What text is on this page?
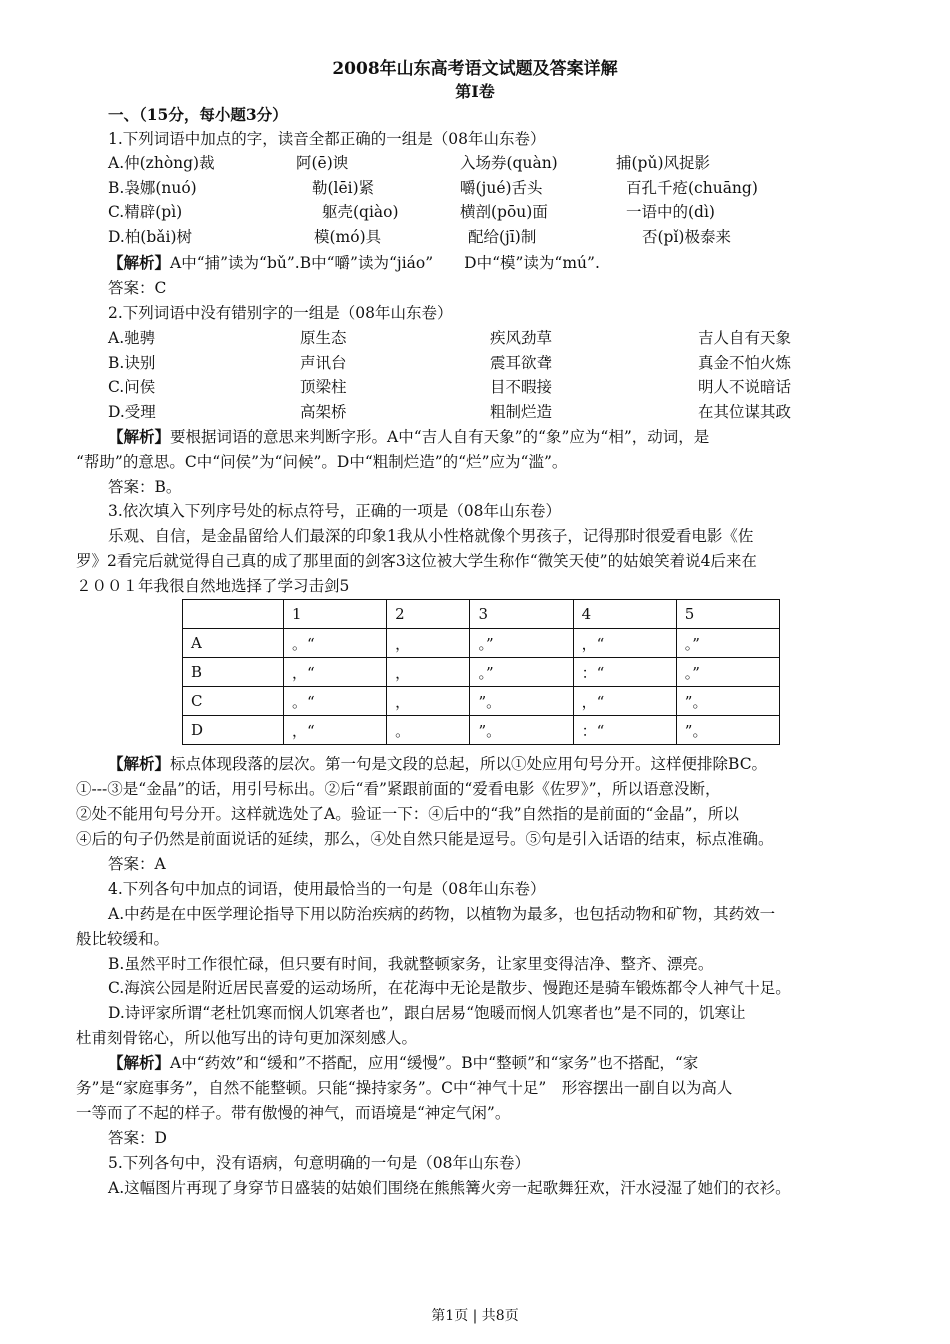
2008年山东高考语文试题及答案详解
第Ⅰ卷
一、（15分，每小题3分）
1.下列词语中加点的字，读音全都正确的一组是（08年山东卷）
A.仲(zhòng)裁	阿(ē)谀	入场券(quàn)	捕(pǔ)风捉影
B.袅娜(nuó)	勒(lēi)紧	嚼(jué)舌头	百孔千疮(chuāng)
C.精辟(pì)	躯壳(qiào)	横剖(pōu)面	一语中的(dì)
D.柏(bǎi)树	模(mó)具	配给(jī)制	否(pǐ)极泰来
【解析】A中“捕”读为“bǔ”.B中“嚼”读为“jiáo”　　D中“模”读为“mú”.
答案：C
2.下列词语中没有错别字的一组是（08年山东卷）
A.驰骋	原生态	疾风劲草	吉人自有天象
B.诀别	声讯台	震耳欲聋	真金不怕火炼
C.问侯	顶梁柱	目不暇接	明人不说暗话
D.受理	高架桥	粗制烂造	在其位谋其政
【解析】要根据词语的意思来判断字形。A中“吉人自有天象”的“象”应为“相”，动词，是
“帮助”的意思。C中“问侯”为“问候”。D中“粗制烂造”的“烂”应为“滥”。
答案：B。
3.依次填入下列序号处的标点符号，正确的一项是（08年山东卷）
乐观、自信，是金晶留给人们最深的印象1我从小性格就像个男孩子，记得那时很爱看电影《佐
罗》2看完后就觉得自己真的成了那里面的剑客3这位被大学生称作“微笑天使”的姑娘笑着说4后来在
２００１年我很自然地选择了学习击剑5
	1	2	3	4	5
A	。“	，	。”	，“	。”
B	，“	，	。”	：“	。”
C	。“	，	”。	，“	”。
D	，“	。	”。	：“	”。
【解析】标点体现段落的层次。第一句是文段的总起，所以①处应用句号分开。这样便排除BC。
①---③是“金晶”的话，用引号标出。②后“看”紧跟前面的“爱看电影《佐罗》”，所以语意没断，
②处不能用句号分开。这样就选处了A。验证一下：④后中的“我”自然指的是前面的“金晶”，所以
④后的句子仍然是前面说话的延续，那么，④处自然只能是逗号。⑤句是引入话语的结束，标点准确。
答案：A
4.下列各句中加点的词语，使用最恰当的一句是（08年山东卷）
A.中药是在中医学理论指导下用以防治疾病的药物，以植物为最多，也包括动物和矿物，其药效一
般比较缓和。
B.虽然平时工作很忙碌，但只要有时间，我就整顿家务，让家里变得洁净、整齐、漂亮。
C.海滨公园是附近居民喜爱的运动场所，在花海中无论是散步、慢跑还是骑车锻炼都令人神气十足。
D.诗评家所谓“老杜饥寒而悯人饥寒者也”，跟白居易“饱暖而悯人饥寒者也”是不同的，饥寒让
杜甫刻骨铭心，所以他写出的诗句更加深刻感人。
【解析】A中“药效”和“缓和”不搭配，应用“缓慢”。B中“整顿”和“家务”也不搭配，“家
务”是“家庭事务”，自然不能整顿。只能“操持家务”。C中“神气十足”　形容摆出一副自以为高人
一等而了不起的样子。带有傲慢的神气，而语境是“神定气闲”。
答案：D
5.下列各句中，没有语病，句意明确的一句是（08年山东卷）
A.这幅图片再现了身穿节日盛装的姑娘们围绕在熊熊篝火旁一起歌舞狂欢，汗水浸湿了她们的衣衫。
第1页 | 共8页
